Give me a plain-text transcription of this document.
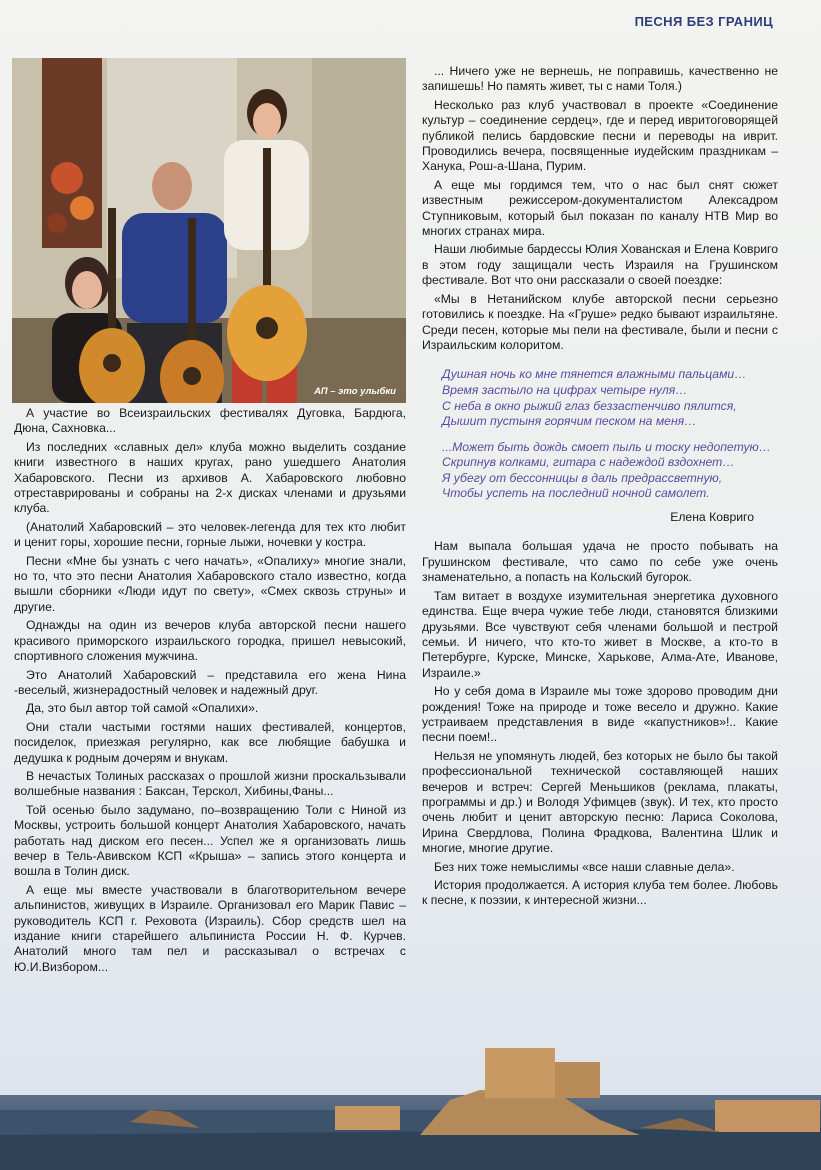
ПЕСНЯ БЕЗ ГРАНИЦ
АП – это улыбки

А участие во Всеизраильских фестивалях Дуговка, Бардюга, Дюна, Сахновка...

Из последних «славных дел» клуба можно выделить создание книги известного в наших кругах, рано ушедшего Анатолия Хабаровского. Песни из архивов А. Хабаровского любовно отреставрированы и собраны на 2-х дисках членами и друзьями клуба.

(Анатолий Хабаровский – это человек-легенда для тех кто любит и ценит горы, хорошие песни, горные лыжи, ночевки у костра.

Песни «Мне бы узнать с чего начать», «Опалиху» многие знали, но то, что это песни Анатолия Хабаровского стало известно, когда вышли сборники «Люди идут по свету», «Смех сквозь струны» и другие.

Однажды на один из вечеров клуба авторской песни нашего красивого приморского израильского городка, пришел невысокий, спортивного сложения мужчина.

Это Анатолий Хабаровский – представила его жена Нина -веселый, жизнерадостный человек и надежный друг.

Да, это был автор той самой «Опалихи».

Они стали частыми гостями наших фестивалей, концертов, посиделок, приезжая регулярно, как все любящие бабушка и дедушка к родным дочерям и внукам.

В нечастых Толиных рассказах о прошлой жизни проскальзывали волшебные названия : Баксан, Терскол, Хибины,Фаны...

Той осенью было задумано, по–возвращению Толи с Ниной из Москвы, устроить большой концерт Анатолия Хабаровского, начать работать над диском его песен... Успел же я организовать лишь вечер в Тель-Авивском КСП «Крыша» – запись этого концерта и вошла в Толин диск.

А еще мы вместе участвовали в благотворительном вечере альпинистов, живущих в Израиле. Организовал его Марик Павис – руководитель КСП г. Реховота (Израиль). Сбор средств шел на издание книги старейшего альпиниста России Н. Ф. Курчев. Анатолий много там пел и рассказывал о встречах с Ю.И.Визбором...

... Ничего уже не вернешь, не поправишь, качественно не запишешь! Но память живет, ты с нами Толя.)

Несколько раз клуб участвовал в проекте «Соединение культур – соединение сердец», где и перед ивритоговорящей публикой пелись бардовские песни и переводы на иврит. Проводились вечера, посвященные иудейским праздникам – Ханука, Рош-а-Шана, Пурим.

А еще мы гордимся тем, что о нас был снят сюжет известным режиссером-документалистом Алексадром Ступниковым, который был показан по каналу НТВ Мир во многих странах мира.

Наши любимые бардессы Юлия Хованская и Елена Ковриго в этом году защищали честь Израиля на Грушинском фестивале. Вот что они рассказали о своей поездке:

«Мы в Нетанийском клубе авторской песни серьезно готовились к поездке. На «Груше» редко бывают израильтяне. Среди песен, которые мы пели на фестивале, были и песни с Израильским колоритом.

Душная ночь ко мне тянется влажными пальцами…
Время застыло на цифрах четыре нуля…
С неба в окно рыжий глаз беззастенчиво пялится,
Дышит пустыня горячим песком на меня…
...Может быть дождь смоет пыль и тоску недопетую…
Скрипнув колками, гитара с надеждой вздохнет…
Я убегу от бессонницы в даль предрассветную,
Чтобы успеть на последний ночной самолет.
Елена Ковриго

Нам выпала большая удача не просто побывать на Грушинском фестивале, что само по себе уже очень знаменательно, а попасть на Кольский бугорок.

Там витает в воздухе изумительная энергетика духовного единства. Еще вчера чужие тебе люди, становятся близкими друзьями. Все чувствуют себя членами большой и пестрой семьи. И ничего, что кто-то живет в Москве, а кто-то в Петербурге, Курске, Минске, Харькове, Алма-Ате, Иванове, Израиле.»

Но у себя дома в Израиле мы тоже здорово проводим дни рождения! Тоже на природе и тоже весело и дружно. Какие устраиваем представления в виде «капустников»!.. Какие песни поем!..

Нельзя не упомянуть людей, без которых не было бы такой профессиональной технической составляющей наших вечеров и встреч: Сергей Меньшиков (реклама, плакаты, программы и др.) и Володя Уфимцев (звук). И тех, кто просто очень любит и ценит авторскую песню: Лариса Соколова, Ирина Свердлова, Полина Фрадкова, Валентина Шлик и многие, многие другие.

Без них тоже немыслимы «все наши славные дела».

История продолжается. А история клуба тем более. Любовь к песне, к поэзии, к интересной жизни...
